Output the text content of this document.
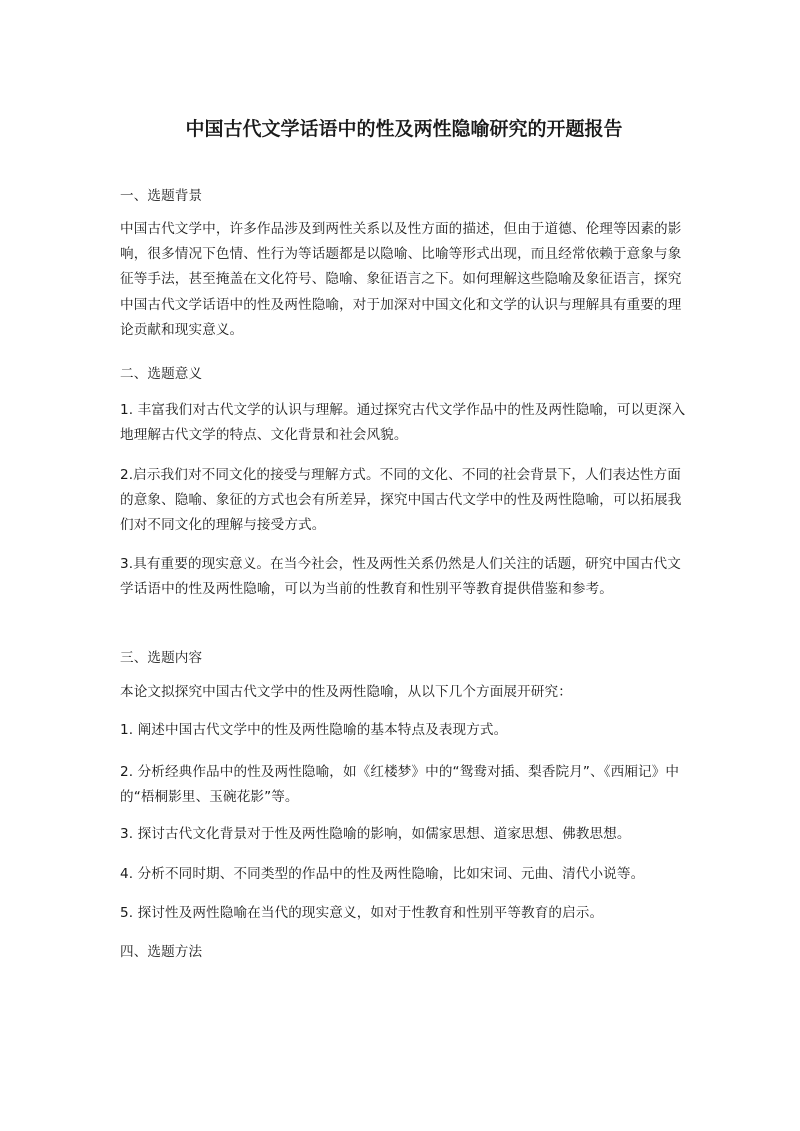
中国古代文学话语中的性及两性隐喻研究的开题报告
一、选题背景
中国古代文学中，许多作品涉及到两性关系以及性方面的描述，但由于道德、伦理等因素的影响，很多情况下色情、性行为等话题都是以隐喻、比喻等形式出现，而且经常依赖于意象与象征等手法，甚至掩盖在文化符号、隐喻、象征语言之下。如何理解这些隐喻及象征语言，探究中国古代文学话语中的性及两性隐喻，对于加深对中国文化和文学的认识与理解具有重要的理论贡献和现实意义。
二、选题意义
1. 丰富我们对古代文学的认识与理解。通过探究古代文学作品中的性及两性隐喻，可以更深入地理解古代文学的特点、文化背景和社会风貌。
2.启示我们对不同文化的接受与理解方式。不同的文化、不同的社会背景下，人们表达性方面的意象、隐喻、象征的方式也会有所差异，探究中国古代文学中的性及两性隐喻，可以拓展我们对不同文化的理解与接受方式。
3.具有重要的现实意义。在当今社会，性及两性关系仍然是人们关注的话题，研究中国古代文学话语中的性及两性隐喻，可以为当前的性教育和性别平等教育提供借鉴和参考。
三、选题内容
本论文拟探究中国古代文学中的性及两性隐喻，从以下几个方面展开研究：
1. 阐述中国古代文学中的性及两性隐喻的基本特点及表现方式。
2. 分析经典作品中的性及两性隐喻，如《红楼梦》中的“鸳鸯对插、梨香院月”、《西厢记》中的“梧桐影里、玉碗花影”等。
3. 探讨古代文化背景对于性及两性隐喻的影响，如儒家思想、道家思想、佛教思想。
4. 分析不同时期、不同类型的作品中的性及两性隐喻，比如宋词、元曲、清代小说等。
5. 探讨性及两性隐喻在当代的现实意义，如对于性教育和性别平等教育的启示。
四、选题方法
